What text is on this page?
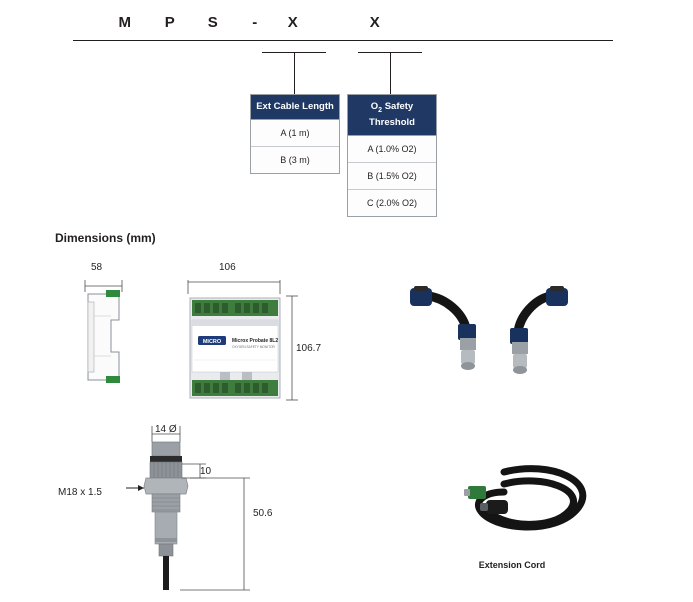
M	P	S	-	X	X
Ext Cable Length
A (1 m)
B (3 m)
$O_2$ Safety
Threshold
A (1.0% O2)
B (1.5% O2)
C (2.0% O2)
Dimensions (mm)
58	106
106.7
14 Ø
10
M18 x 1.5
50.6
MICRO Microx Probate 8L2
OXYGEN SAFETY MONITOR
Extension Cord
